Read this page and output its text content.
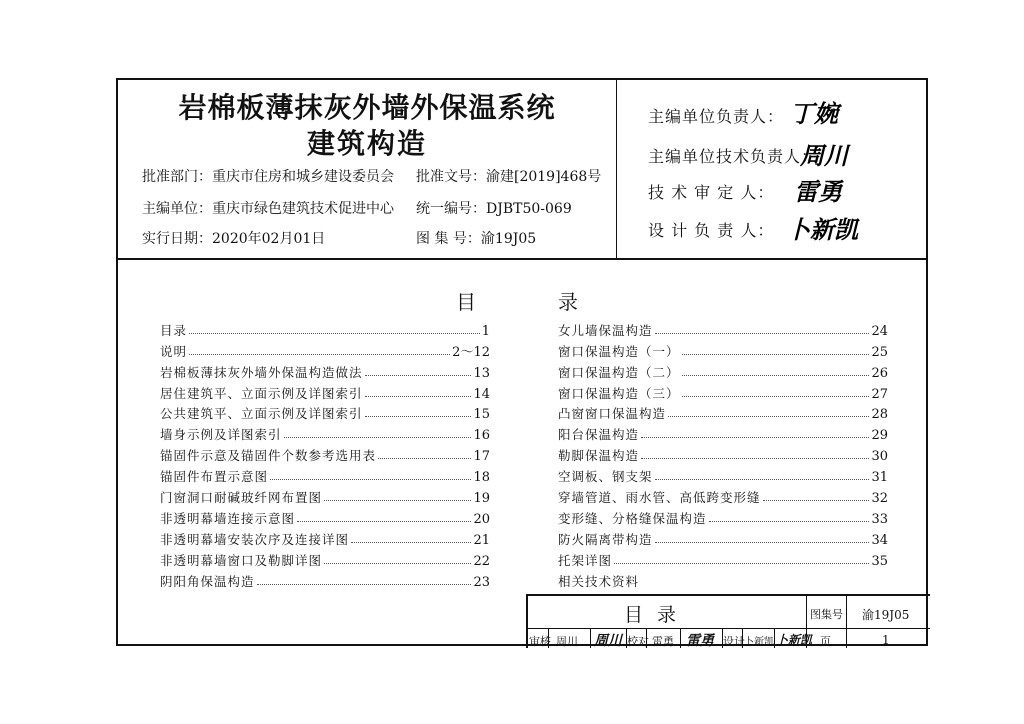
岩棉板薄抹灰外墙外保温系统
建筑构造
批准部门：重庆市住房和城乡建设委员会 批准文号：渝建[2019]468号
主编单位：重庆市绿色建筑技术促进中心 统一编号：DJBT50-069
实行日期：2020年02月01日	图 集 号：渝19J05
主编单位负责人： 丁婉
主编单位技术负责人：
周川
技 术 审 定 人： 雷勇
设 计 负 责 人： 卜新凯
目	录
目录	1
说明	2～12
岩棉板薄抹灰外墙外保温构造做法	13
居住建筑平、立面示例及详图索引	14
公共建筑平、立面示例及详图索引	15
墙身示例及详图索引	16
锚固件示意及锚固件个数参考选用表	17
锚固件布置示意图	18
门窗洞口耐碱玻纤网布置图	19
非透明幕墙连接示意图	20
非透明幕墙安装次序及连接详图	21
非透明幕墙窗口及勒脚详图	22
阴阳角保温构造	23
女儿墙保温构造	24
窗口保温构造（一）	25
窗口保温构造（二）	26
窗口保温构造（三）	27
凸窗窗口保温构造	28
阳台保温构造	29
勒脚保温构造	30
空调板、钢支架	31
穿墙管道、雨水管、高低跨变形缝	32
变形缝、分格缝保温构造	33
防火隔离带构造	34
托架详图	35
相关技术资料
目录	图集号 渝19J05
审核 周川 周川 校对 雷勇 雷勇 设计 卜新凯 卜新凯 页	1
